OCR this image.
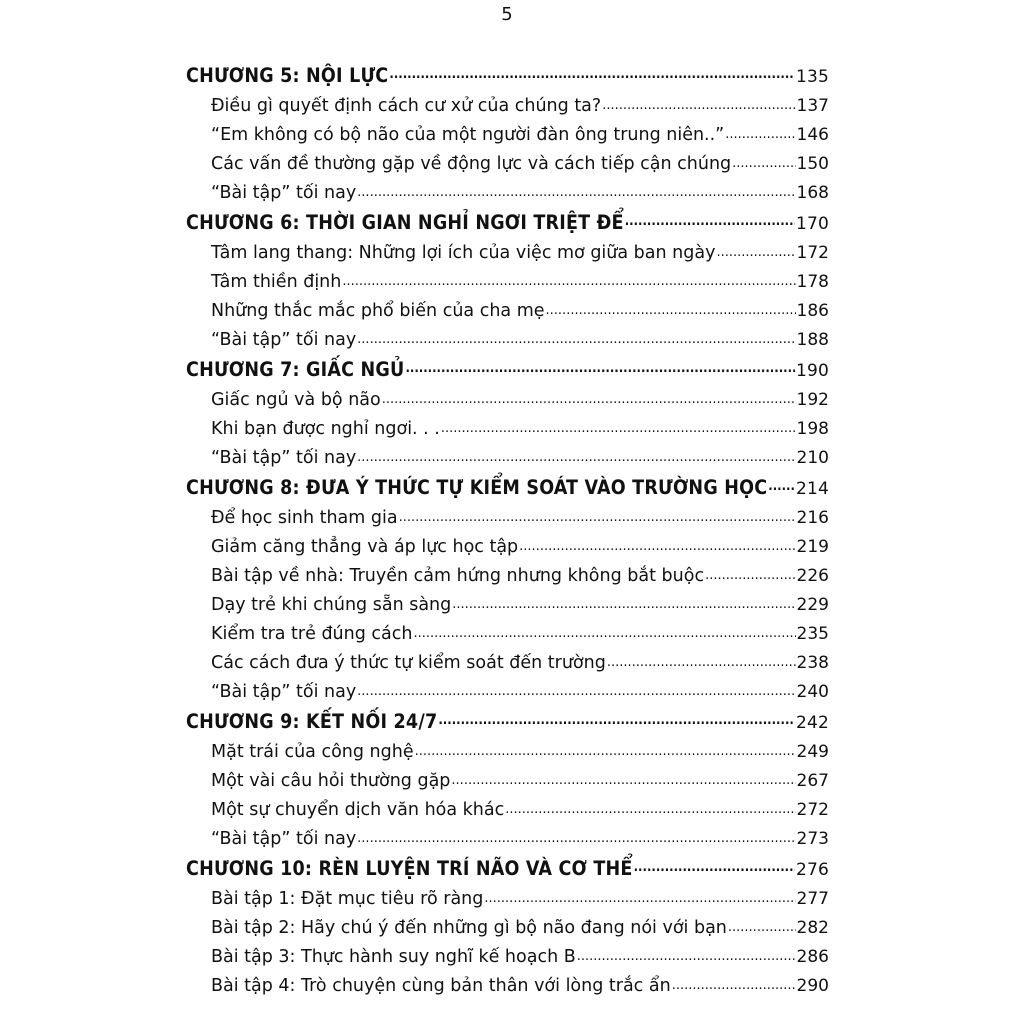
5
CHƯƠNG 5: NỘI LỰC .....	135
Điều gì quyết định cách cư xử của chúng ta? .....	137
“Em không có bộ não của một người đàn ông trung niên..” .....	146
Các vấn đề thường gặp về động lực và cách tiếp cận chúng .....	150
“Bài tập” tối nay .....	168
CHƯƠNG 6: THỜI GIAN NGHỈ NGƠI TRIỆT ĐỂ .....	170
Tâm lang thang: Những lợi ích của việc mơ giữa ban ngày .....	172
Tâm thiền định .....	178
Những thắc mắc phổ biến của cha mẹ .....	186
“Bài tập” tối nay .....	188
CHƯƠNG 7: GIẤC NGỦ .....	190
Giấc ngủ và bộ não .....	192
Khi bạn được nghỉ ngơi. . . .....	198
“Bài tập” tối nay .....	210
CHƯƠNG 8: ĐƯA Ý THỨC TỰ KIỂM SOÁT VÀO TRƯỜNG HỌC ..... 214
Để học sinh tham gia .....	216
Giảm căng thẳng và áp lực học tập .....	219
Bài tập về nhà: Truyền cảm hứng nhưng không bắt buộc .....	226
Dạy trẻ khi chúng sẵn sàng .....	229
Kiểm tra trẻ đúng cách .....	235
Các cách đưa ý thức tự kiểm soát đến trường .....	238
“Bài tập” tối nay .....	240
CHƯƠNG 9: KẾT NỐI 24/7 .....	242
Mặt trái của công nghệ .....	249
Một vài câu hỏi thường gặp .....	267
Một sự chuyển dịch văn hóa khác .....	272
“Bài tập” tối nay .....	273
CHƯƠNG 10: RÈN LUYỆN TRÍ NÃO VÀ CƠ THỂ .....	276
Bài tập 1: Đặt mục tiêu rõ ràng .....	277
Bài tập 2: Hãy chú ý đến những gì bộ não đang nói với bạn .....	282
Bài tập 3: Thực hành suy nghĩ kế hoạch B .....	286
Bài tập 4: Trò chuyện cùng bản thân với lòng trắc ẩn .....	290
